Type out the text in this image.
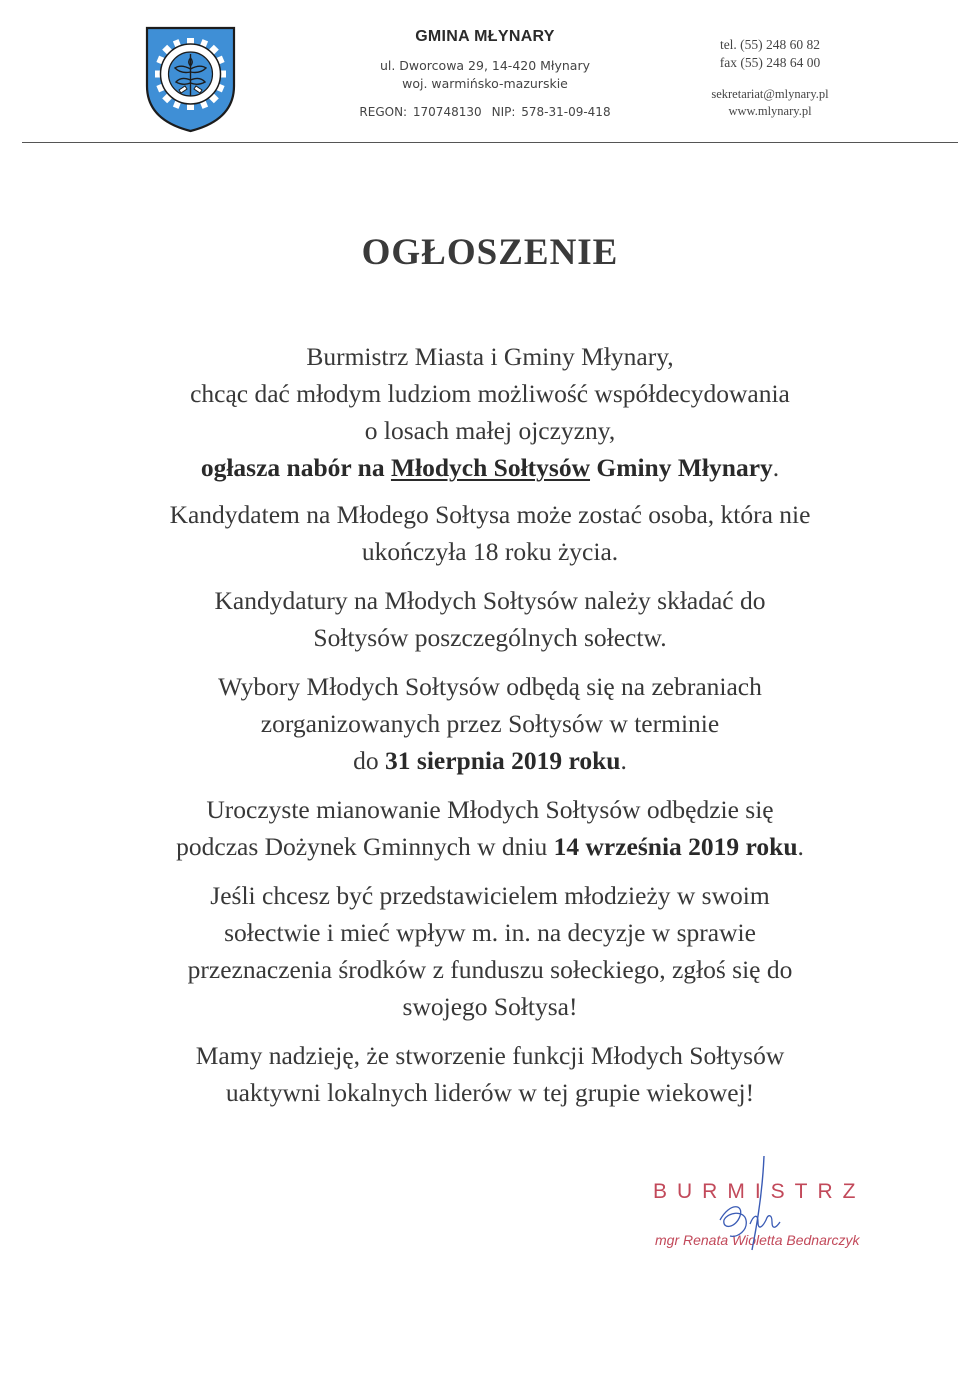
GMINA MŁYNARY
ul. Dworcowa 29, 14-420 Młynary
woj. warmińsko-mazurskie
REGON: 170748130 NIP: 578-31-09-418
tel. (55) 248 60 82
fax (55) 248 64 00
sekretariat@mlynary.pl
www.mlynary.pl
OGŁOSZENIE
Burmistrz Miasta i Gminy Młynary,
chcąc dać młodym ludziom możliwość współdecydowania
o losach małej ojczyzny,
ogłasza nabór na Młodych Sołtysów Gminy Młynary.
Kandydatem na Młodego Sołtysa może zostać osoba, która nie
ukończyła 18 roku życia.
Kandydatury na Młodych Sołtysów należy składać do
Sołtysów poszczególnych sołectw.
Wybory Młodych Sołtysów odbędą się na zebraniach
zorganizowanych przez Sołtysów w terminie
do 31 sierpnia 2019 roku.
Uroczyste mianowanie Młodych Sołtysów odbędzie się
podczas Dożynek Gminnych w dniu 14 września 2019 roku.
Jeśli chcesz być przedstawicielem młodzieży w swoim
sołectwie i mieć wpływ m. in. na decyzje w sprawie
przeznaczenia środków z funduszu sołeckiego, zgłoś się do
swojego Sołtysa!
Mamy nadzieję, że stworzenie funkcji Młodych Sołtysów
uaktywni lokalnych liderów w tej grupie wiekowej!
BURMISTRZ
mgr Renata Wioletta Bednarczyk
